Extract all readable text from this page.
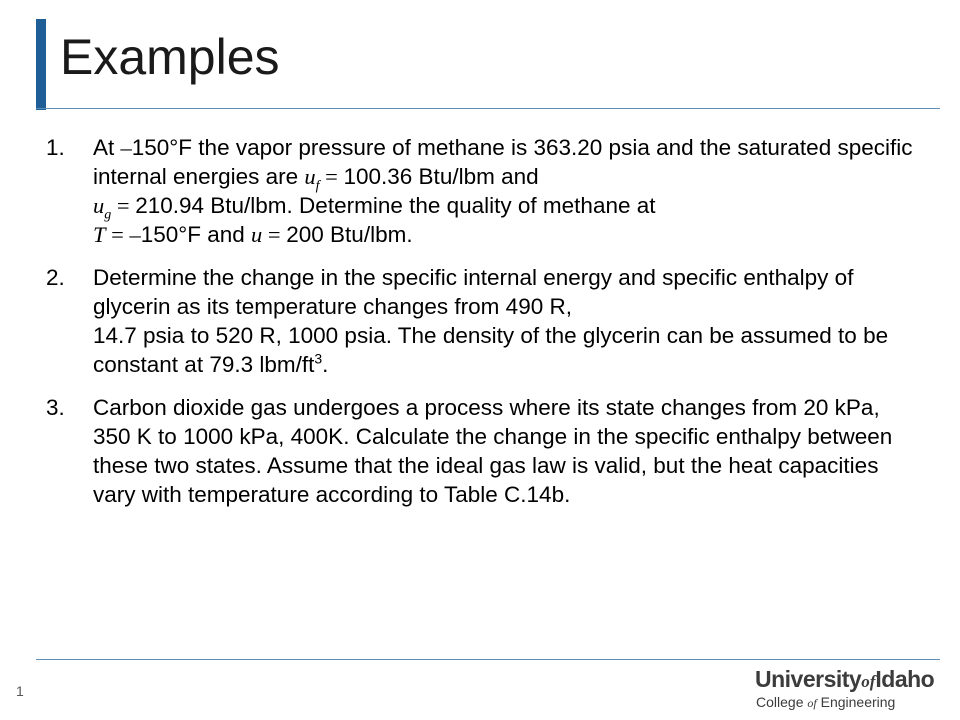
Examples
1. At –150°F the vapor pressure of methane is 363.20 psia and the saturated specific internal energies are $u_f = 100.36$ Btu/lbm and
$u_g = 210.94$ Btu/lbm. Determine the quality of methane at
T = –150°F and u = 200 Btu/lbm.
2. Determine the change in the specific internal energy and specific enthalpy of glycerin as its temperature changes from 490 R,
14.7 psia to 520 R, 1000 psia. The density of the glycerin can be assumed to be constant at 79.3 lbm/$ft^3$.
3. Carbon dioxide gas undergoes a process where its state changes from 20 kPa, 350 K to 1000 kPa, 400K. Calculate the change in the specific enthalpy between these two states. Assume that the ideal gas law is valid, but the heat capacities vary with temperature according to Table C.14b.
1	UniversityofIdaho
College of Engineering
